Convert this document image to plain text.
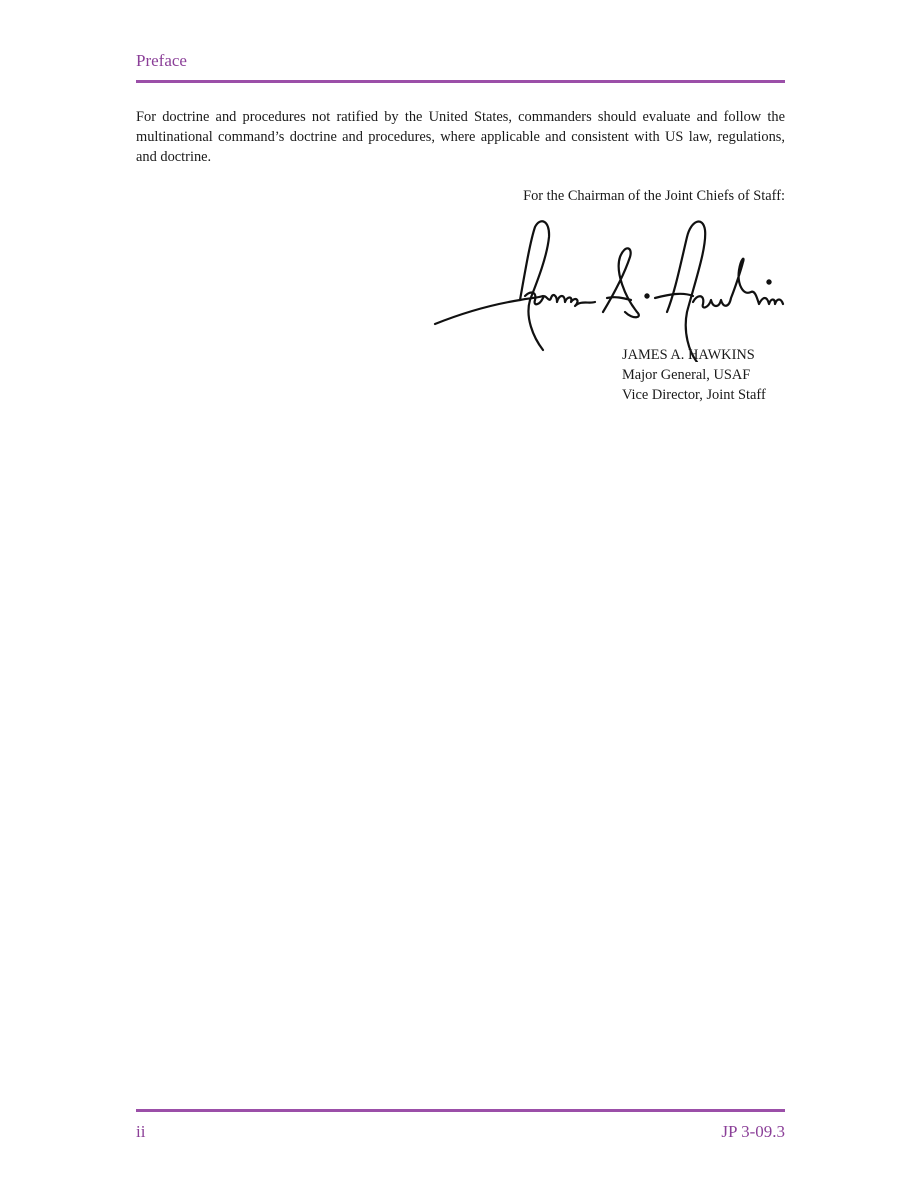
Preface
For doctrine and procedures not ratified by the United States, commanders should evaluate and follow the multinational command’s doctrine and procedures, where applicable and consistent with US law, regulations, and doctrine.
For the Chairman of the Joint Chiefs of Staff:
JAMES A. HAWKINS
Major General, USAF
Vice Director, Joint Staff
ii	JP 3-09.3
